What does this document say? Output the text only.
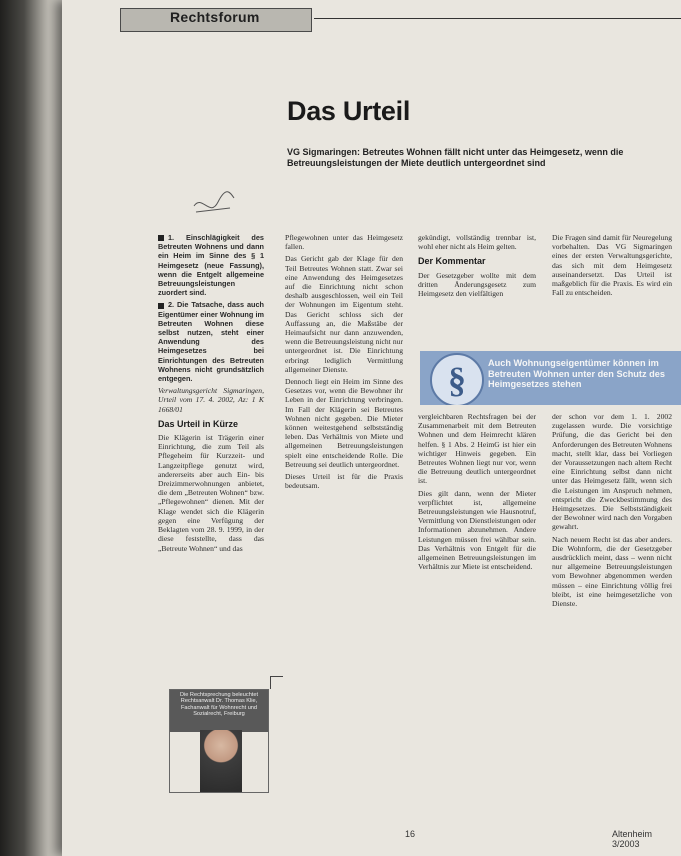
Rechtsforum
Das Urteil
VG Sigmaringen: Betreutes Wohnen fällt nicht unter das Heimgesetz, wenn die Betreuungsleistungen der Miete deutlich untergeordnet sind

1. Einschlägigkeit des Betreuten Wohnens und dann ein Heim im Sinne des § 1 Heimgesetz (neue Fassung), wenn die Entgelt allgemeine Betreuungsleistungen zuordert sind.

2. Die Tatsache, dass auch Eigentümer einer Wohnung im Betreuten Wohnen diese selbst nutzen, steht einer Anwendung des Heimgesetzes bei Einrichtungen des Betreuten Wohnens nicht grundsätzlich entgegen.

Verwaltungsgericht Sigmaringen, Urteil vom 17. 4. 2002, Az: 1 K 1668/01

Das Urteil in Kürze

Die Klägerin ist Trägerin einer Einrichtung, die zum Teil als Pflegeheim für Kurzzeit- und Langzeitpflege genutzt wird, andererseits aber auch Ein- bis Dreizimmerwohnungen anbietet, die dem „Betreuten Wohnen“ bzw. „Pflegewohnen“ dienen. Mit der Klage wendet sich die Klägerin gegen eine Verfügung der Beklagten vom 28. 9. 1999, in der diese feststellte, dass das „Betreute Wohnen“ und das

Pflegewohnen unter das Heimgesetz fallen.

Das Gericht gab der Klage für den Teil Betreutes Wohnen statt. Zwar sei eine Anwendung des Heimgesetzes auf die Einrichtung nicht schon deshalb ausgeschlossen, weil ein Teil der Wohnungen im Eigentum steht. Das Gericht schloss sich der Auffassung an, die Maßstäbe der Heimaufsicht nur dann anzuwenden, wenn die Betreuungsleistung nicht nur untergeordnet ist. Die Einrichtung erbringt lediglich Vermittlung allgemeiner Dienste.

Dennoch liegt ein Heim im Sinne des Gesetzes vor, wenn die Bewohner ihr Leben in der Einrichtung verbringen. Im Fall der Klägerin sei Betreutes Wohnen nicht gegeben. Die Mieter können weitestgehend selbstständig leben. Das Verhältnis von Miete und allgemeinen Betreuungsleistungen spielt eine entscheidende Rolle. Die Betreuung sei deutlich untergeordnet.

Dieses Urteil ist für die Praxis bedeutsam.

gekündigt, vollständig trennbar ist, wohl eher nicht als Heim gelten.

Der Kommentar

Der Gesetzgeber wollte mit dem dritten Änderungsgesetz zum Heimgesetz den vielfältigen

vergleichbaren Rechtsfragen bei der Zusammenarbeit mit dem Betreuten Wohnen und dem Heimrecht klären helfen. § 1 Abs. 2 HeimG ist hier ein wichtiger Hinweis gegeben. Ein Betreutes Wohnen liegt nur vor, wenn die Betreuung deutlich untergeordnet ist.

Dies gilt dann, wenn der Mieter verpflichtet ist, allgemeine Betreuungsleistungen wie Hausnotruf, Vermittlung von Dienstleistungen oder Informationen abzunehmen. Andere Leistungen müssen frei wählbar sein. Das Verhältnis von Entgelt für die allgemeinen Betreuungsleistungen im Verhältnis zur Miete ist entscheidend.

Die Fragen sind damit für Neuregelung vorbehalten. Das VG Sigmaringen eines der ersten Verwaltungsgerichte, das sich mit dem Heimgesetz auseinandersetzt. Das Urteil ist maßgeblich für die Praxis. Es wird ein Fall zu entscheiden.

der schon vor dem 1. 1. 2002 zugelassen wurde. Die vorsichtige Prüfung, die das Gericht bei den Anforderungen des Betreuten Wohnens macht, stellt klar, dass bei Vorliegen der Voraussetzungen nach altem Recht eine Einrichtung selbst dann nicht unter das Heimgesetz fällt, wenn sich die Leistungen im Anspruch nehmen, entspricht die Zweckbestimmung des Heimgesetzes. Die Selbstständigkeit der Bewohner wird nach den Vorgaben gewahrt.

Nach neuem Recht ist das aber anders. Die Wohnform, die der Gesetzgeber ausdrücklich meint, dass – wenn nicht nur allgemeine Betreuungsleistungen vom Bewohner abgenommen werden müssen – eine Einrichtung völlig frei bleibt, ist eine heimgesetzliche von Dienste.

§	Auch Wohnungseigentümer können im Betreuten Wohnen unter den Schutz des Heimgesetzes stehen
Die Rechtsprechung beleuchtet Rechtsanwalt Dr. Thomas Klie, Fachanwalt für Wohnrecht und Sozialrecht, Freiburg
16	Altenheim 3/2003
